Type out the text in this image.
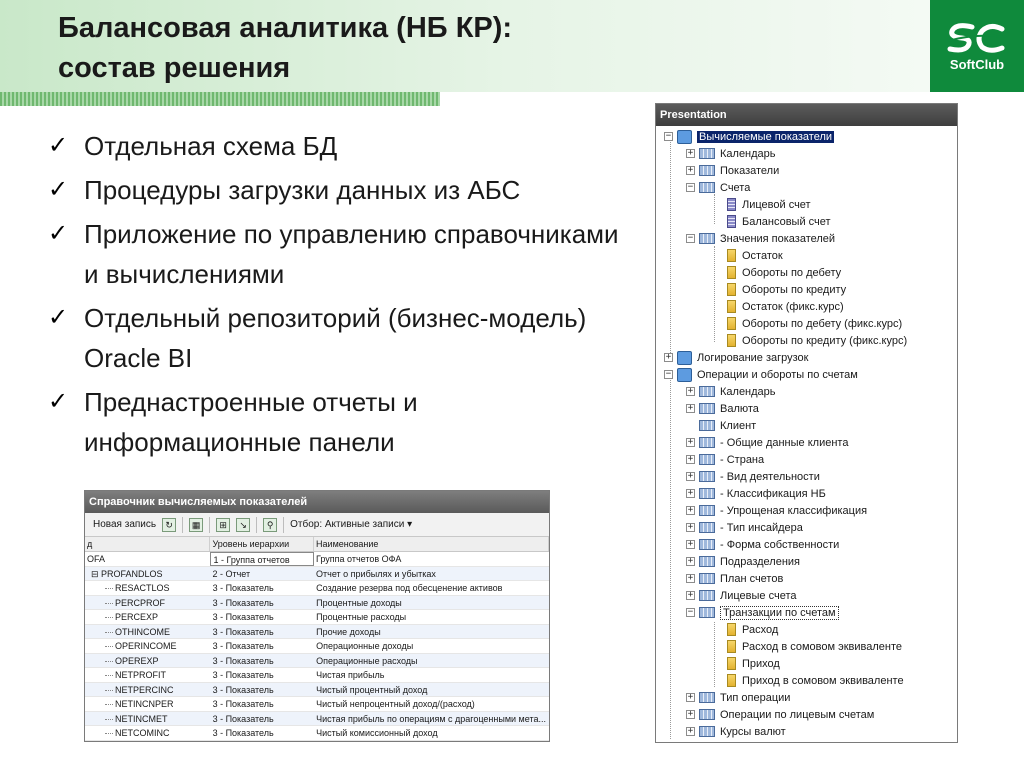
Балансовая аналитика (НБ КР):
состав решения	SoftClub
✓ Отдельная схема БД
✓ Процедуры загрузки данных из АБС
✓ Приложение по управлению справочниками и вычислениями
✓ Отдельный репозиторий (бизнес-модель) Oracle BI
✓ Преднастроенные отчеты и информационные панели
Справочник вычисляемых показателей
Новая запись	↻	▦	⊞	↘	⚲	Отбор: Активные записи ▾
д	Уровень иерархии	Наименование
OFA	1 - Группа отчетов	Группа отчетов ОФА
⊟ PROFANDLOS	2 - Отчет	Отчет о прибылях и убытках
RESACTLOS	3 - Показатель	Создание резерва под обесценение активов
PERCPROF	3 - Показатель	Процентные доходы
PERCEXP	3 - Показатель	Процентные расходы
OTHINCOME	3 - Показатель	Прочие доходы
OPERINCOME	3 - Показатель	Операционные доходы
OPEREXP	3 - Показатель	Операционные расходы
NETPROFIT	3 - Показатель	Чистая прибыль
NETPERCINC	3 - Показатель	Чистый процентный доход
NETINCNPER	3 - Показатель	Чистый непроцентный доход/(расход)
NETINCMET	3 - Показатель	Чистая прибыль по операциям с драгоценными мета...
NETCOMINC	3 - Показатель	Чистый комиссионный доход
Presentation
−	Вычисляемые показатели
+ Календарь
+ Показатели
− Счета
Лицевой счет
Балансовый счет
− Значения показателей
Остаток
Обороты по дебету
Обороты по кредиту
Остаток (фикс.курс)
Обороты по дебету (фикс.курс)
Обороты по кредиту (фикс.курс)
+ Логирование загрузок
− Операции и обороты по счетам
+ Календарь
+ Валюта
Клиент
+ - Общие данные клиента
+ - Страна
+ - Вид деятельности
+ - Классификация НБ
+ - Упрощеная классификация
+ - Тип инсайдера
+ - Форма собственности
+ Подразделения
+ План счетов
+ Лицевые счета
−	Транзакции по счетам
Расход
Расход в сомовом эквиваленте
Приход
Приход в сомовом эквиваленте
+ Тип операции
+ Операции по лицевым счетам
+ Курсы валют
